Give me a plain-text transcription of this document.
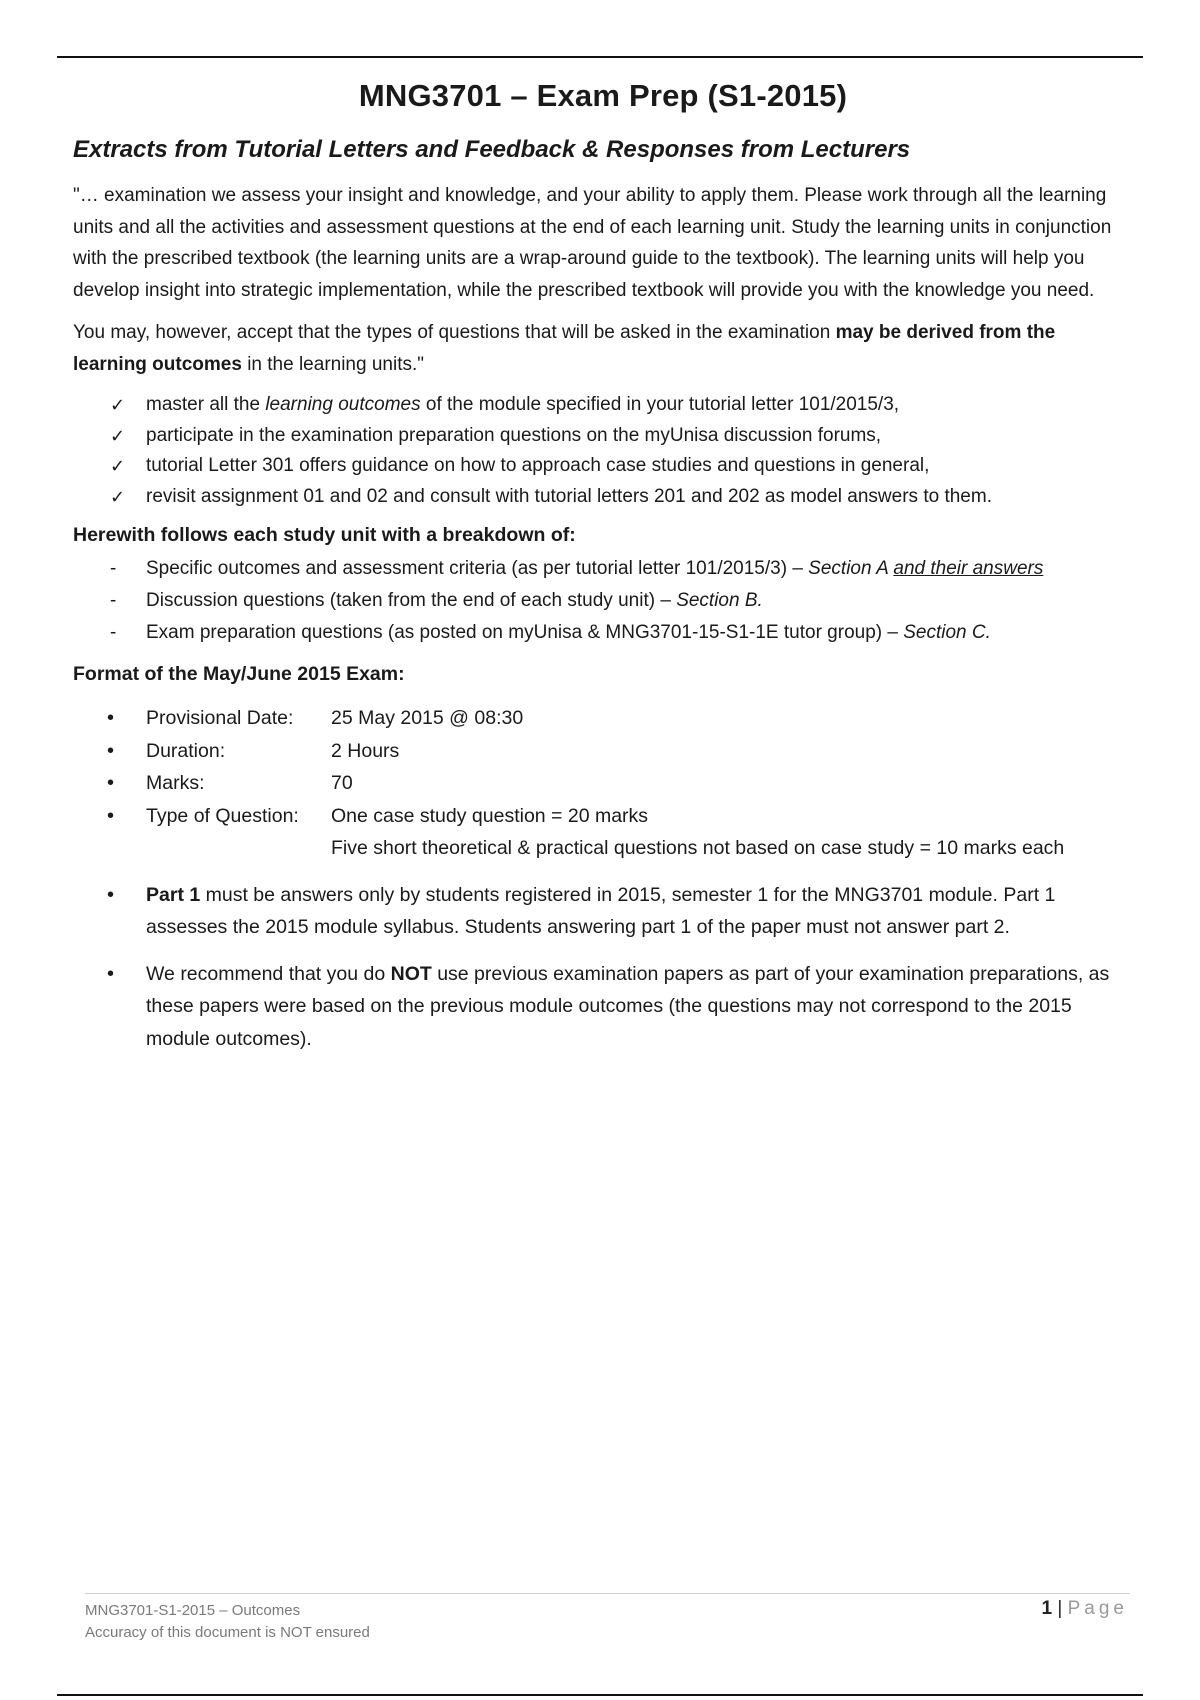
MNG3701 – Exam Prep (S1-2015)
Extracts from Tutorial Letters and Feedback & Responses from Lecturers

"… examination we assess your insight and knowledge, and your ability to apply them. Please work through all the learning units and all the activities and assessment questions at the end of each learning unit. Study the learning units in conjunction with the prescribed textbook (the learning units are a wrap-around guide to the textbook). The learning units will help you develop insight into strategic implementation, while the prescribed textbook will provide you with the knowledge you need.

You may, however, accept that the types of questions that will be asked in the examination may be derived from the learning outcomes in the learning units."

✓ master all the learning outcomes of the module specified in your tutorial letter 101/2015/3,
✓ participate in the examination preparation questions on the myUnisa discussion forums,
✓ tutorial Letter 301 offers guidance on how to approach case studies and questions in general,
✓ revisit assignment 01 and 02 and consult with tutorial letters 201 and 202 as model answers to them.
Herewith follows each study unit with a breakdown of:
- Specific outcomes and assessment criteria (as per tutorial letter 101/2015/3) – Section A and their answers
- Discussion questions (taken from the end of each study unit) – Section B.
- Exam preparation questions (as posted on myUnisa & MNG3701-15-S1-1E tutor group) – Section C.
Format of the May/June 2015 Exam:
• Provisional Date:	25 May 2015 @ 08:30
• Duration:	2 Hours
• Marks:	70
• Type of Question:	One case study question = 20 marks
Five short theoretical & practical questions not based on case study = 10 marks each
• Part 1 must be answers only by students registered in 2015, semester 1 for the MNG3701 module. Part 1 assesses the 2015 module syllabus. Students answering part 1 of the paper must not answer part 2.
• We recommend that you do NOT use previous examination papers as part of your examination preparations, as these papers were based on the previous module outcomes (the questions may not correspond to the 2015 module outcomes).
MNG3701-S1-2015 – Outcomes
Accuracy of this document is NOT ensured
1 | Page
